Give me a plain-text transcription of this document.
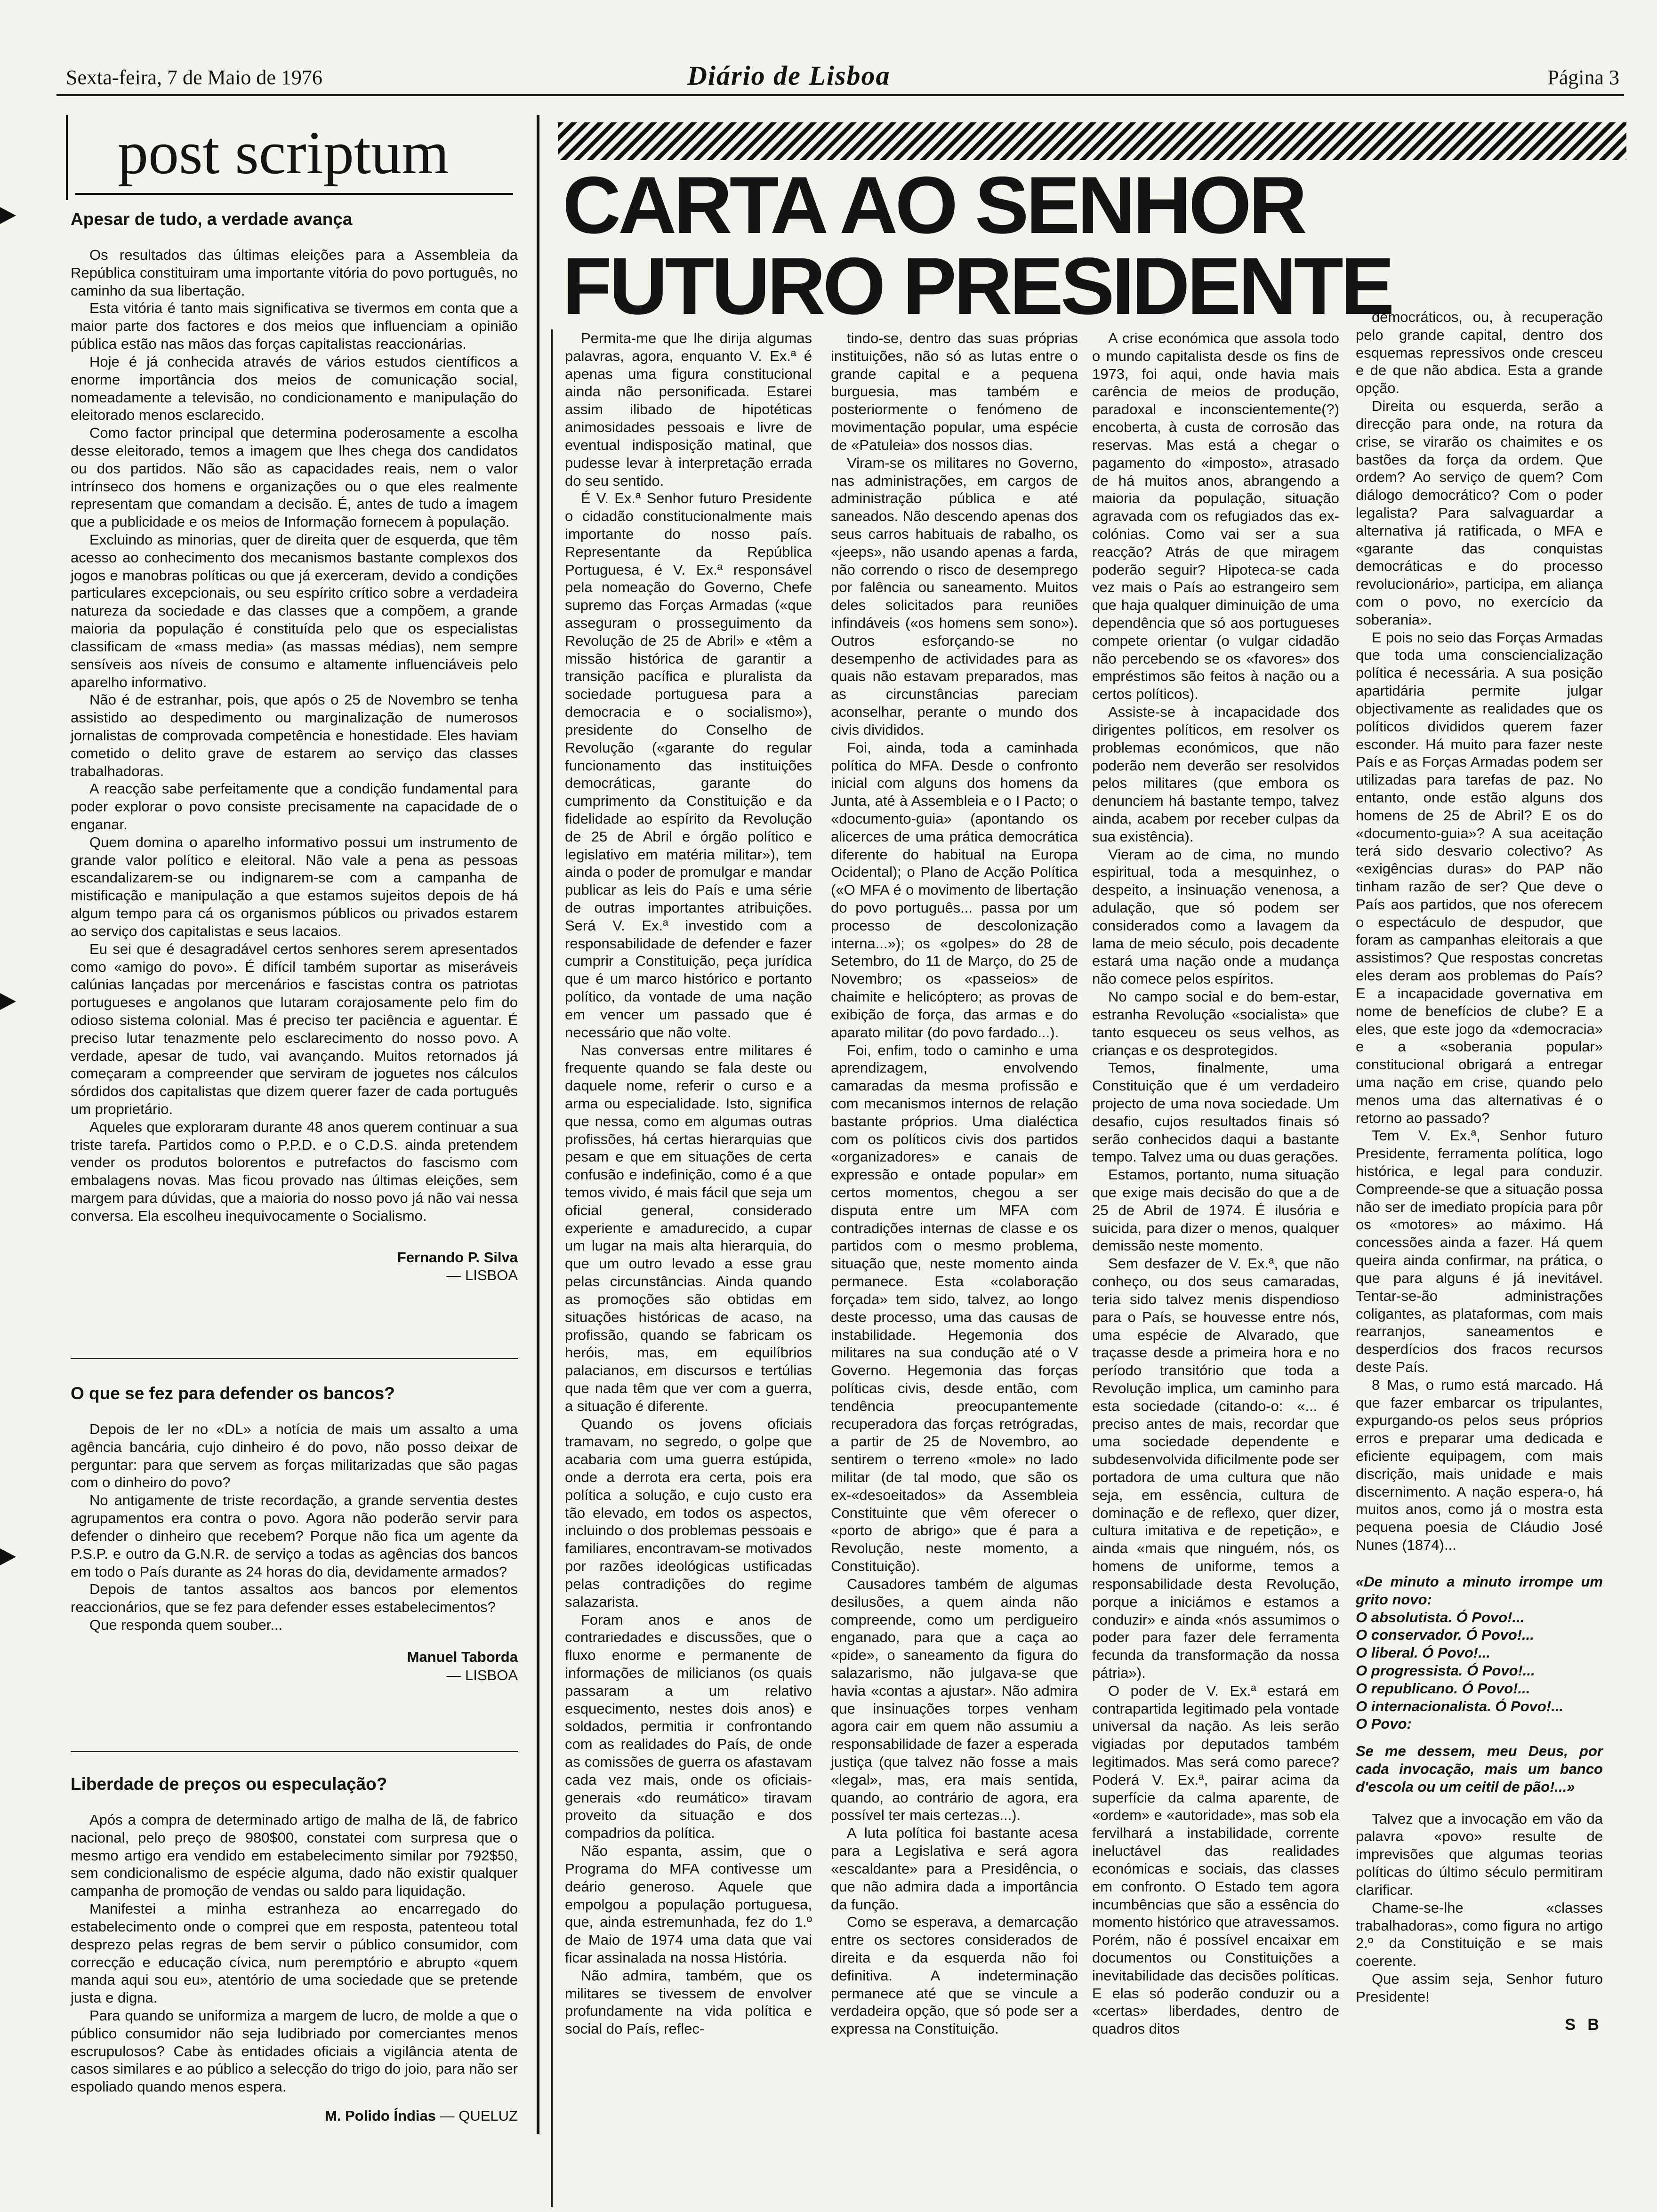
Sexta-feira, 7 de Maio de 1976	Diário de Lisboa	Página 3
post scriptum
Apesar de tudo, a verdade avança

Os resultados das últimas eleições para a Assembleia da República constituiram uma importante vitória do povo português, no caminho da sua libertação.

Esta vitória é tanto mais significativa se tivermos em conta que a maior parte dos factores e dos meios que influenciam a opinião pública estão nas mãos das forças capitalistas reaccionárias.

Hoje é já conhecida através de vários estudos científicos a enorme importância dos meios de comunicação social, nomeadamente a televisão, no condicionamento e manipulação do eleitorado menos esclarecido.

Como factor principal que determina poderosamente a escolha desse eleitorado, temos a imagem que lhes chega dos candidatos ou dos partidos. Não são as capacidades reais, nem o valor intrínseco dos homens e organizações ou o que eles realmente representam que comandam a decisão. É, antes de tudo a imagem que a publicidade e os meios de Informação fornecem à população.

Excluindo as minorias, quer de direita quer de esquerda, que têm acesso ao conhecimento dos mecanismos bastante complexos dos jogos e manobras políticas ou que já exerceram, devido a condições particulares excepcionais, ou seu espírito crítico sobre a verdadeira natureza da sociedade e das classes que a compõem, a grande maioria da população é constituída pelo que os especialistas classificam de «mass media» (as massas médias), nem sempre sensíveis aos níveis de consumo e altamente influenciáveis pelo aparelho informativo.

Não é de estranhar, pois, que após o 25 de Novembro se tenha assistido ao despedimento ou marginalização de numerosos jornalistas de comprovada competência e honestidade. Eles haviam cometido o delito grave de estarem ao serviço das classes trabalhadoras.

A reacção sabe perfeitamente que a condição fundamental para poder explorar o povo consiste precisamente na capacidade de o enganar.

Quem domina o aparelho informativo possui um instrumento de grande valor político e eleitoral. Não vale a pena as pessoas escandalizarem-se ou indignarem-se com a campanha de mistificação e manipulação a que estamos sujeitos depois de há algum tempo para cá os organismos públicos ou privados estarem ao serviço dos capitalistas e seus lacaios.

Eu sei que é desagradável certos senhores serem apresentados como «amigo do povo». É difícil também suportar as miseráveis calúnias lançadas por mercenários e fascistas contra os patriotas portugueses e angolanos que lutaram corajosamente pelo fim do odioso sistema colonial. Mas é preciso ter paciência e aguentar. É preciso lutar tenazmente pelo esclarecimento do nosso povo. A verdade, apesar de tudo, vai avançando. Muitos retornados já começaram a compreender que serviram de joguetes nos cálculos sórdidos dos capitalistas que dizem querer fazer de cada português um proprietário.

Aqueles que exploraram durante 48 anos querem continuar a sua triste tarefa. Partidos como o P.P.D. e o C.D.S. ainda pretendem vender os produtos bolorentos e putrefactos do fascismo com embalagens novas. Mas ficou provado nas últimas eleições, sem margem para dúvidas, que a maioria do nosso povo já não vai nessa conversa. Ela escolheu inequivocamente o Socialismo.

Fernando P. Silva
— LISBOA
O que se fez para defender os bancos?

Depois de ler no «DL» a notícia de mais um assalto a uma agência bancária, cujo dinheiro é do povo, não posso deixar de perguntar: para que servem as forças militarizadas que são pagas com o dinheiro do povo?

No antigamente de triste recordação, a grande serventia destes agrupamentos era contra o povo. Agora não poderão servir para defender o dinheiro que recebem? Porque não fica um agente da P.S.P. e outro da G.N.R. de serviço a todas as agências dos bancos em todo o País durante as 24 horas do dia, devidamente armados?

Depois de tantos assaltos aos bancos por elementos reaccionários, que se fez para defender esses estabelecimentos?

Que responda quem souber...

Manuel Taborda
— LISBOA
Liberdade de preços ou especulação?

Após a compra de determinado artigo de malha de lã, de fabrico nacional, pelo preço de 980$00, constatei com surpresa que o mesmo artigo era vendido em estabelecimento similar por 792$50, sem condicionalismo de espécie alguma, dado não existir qualquer campanha de promoção de vendas ou saldo para liquidação.

Manifestei a minha estranheza ao encarregado do estabelecimento onde o comprei que em resposta, patenteou total desprezo pelas regras de bem servir o público consumidor, com correcção e educação cívica, num peremptório e abrupto «quem manda aqui sou eu», atentório de uma sociedade que se pretende justa e digna.

Para quando se uniformiza a margem de lucro, de molde a que o público consumidor não seja ludibriado por comerciantes menos escrupulosos? Cabe às entidades oficiais a vigilância atenta de casos similares e ao público a selecção do trigo do joio, para não ser espoliado quando menos espera.

M. Polido Índias — QUELUZ
CARTA AO SENHOR
FUTURO PRESIDENTE

Permita-me que lhe dirija algumas palavras, agora, enquanto V. Ex.ª é apenas uma figura constitucional ainda não personificada. Estarei assim ilibado de hipotéticas animosidades pessoais e livre de eventual indisposição matinal, que pudesse levar à interpretação errada do seu sentido.

É V. Ex.ª Senhor futuro Presidente o cidadão constitucionalmente mais importante do nosso país. Representante da República Portuguesa, é V. Ex.ª responsável pela nomeação do Governo, Chefe supremo das Forças Armadas («que asseguram o prosseguimento da Revolução de 25 de Abril» e «têm a missão histórica de garantir a transição pacífica e pluralista da sociedade portuguesa para a democracia e o socialismo»), presidente do Conselho de Revolução («garante do regular funcionamento das instituições democráticas, garante do cumprimento da Constituição e da fidelidade ao espírito da Revolução de 25 de Abril e órgão político e legislativo em matéria militar»), tem ainda o poder de promulgar e mandar publicar as leis do País e uma série de outras importantes atribuições. Será V. Ex.ª investido com a responsabilidade de defender e fazer cumprir a Constituição, peça jurídica que é um marco histórico e portanto político, da vontade de uma nação em vencer um passado que é necessário que não volte.

Nas conversas entre militares é frequente quando se fala deste ou daquele nome, referir o curso e a arma ou especialidade. Isto, significa que nessa, como em algumas outras profissões, há certas hierarquias que pesam e que em situações de certa confusão e indefinição, como é a que temos vivido, é mais fácil que seja um oficial general, considerado experiente e amadurecido, a cupar um lugar na mais alta hierarquia, do que um outro levado a esse grau pelas circunstâncias. Ainda quando as promoções são obtidas em situações históricas de acaso, na profissão, quando se fabricam os heróis, mas, em equilíbrios palacianos, em discursos e tertúlias que nada têm que ver com a guerra, a situação é diferente.

Quando os jovens oficiais tramavam, no segredo, o golpe que acabaria com uma guerra estúpida, onde a derrota era certa, pois era política a solução, e cujo custo era tão elevado, em todos os aspectos, incluindo o dos problemas pessoais e familiares, encontravam-se motivados por razões ideológicas ustificadas pelas contradições do regime salazarista.

Foram anos e anos de contrariedades e discussões, que o fluxo enorme e permanente de informações de milicianos (os quais passaram a um relativo esquecimento, nestes dois anos) e soldados, permitia ir confrontando com as realidades do País, de onde as comissões de guerra os afastavam cada vez mais, onde os oficiais-generais «do reumático» tiravam proveito da situação e dos compadrios da política.

Não espanta, assim, que o Programa do MFA contivesse um deário generoso. Aquele que empolgou a população portuguesa, que, ainda estremunhada, fez do 1.º de Maio de 1974 uma data que vai ficar assinalada na nossa História.

Não admira, também, que os militares se tivessem de envolver profundamente na vida política e social do País, reflec-

tindo-se, dentro das suas próprias instituições, não só as lutas entre o grande capital e a pequena burguesia, mas também e posteriormente o fenómeno de movimentação popular, uma espécie de «Patuleia» dos nossos dias.

Viram-se os militares no Governo, nas administrações, em cargos de administração pública e até saneados. Não descendo apenas dos seus carros habituais de rabalho, os «jeeps», não usando apenas a farda, não correndo o risco de desemprego por falência ou saneamento. Muitos deles solicitados para reuniões infindáveis («os homens sem sono»). Outros esforçando-se no desempenho de actividades para as quais não estavam preparados, mas as circunstâncias pareciam aconselhar, perante o mundo dos civis divididos.

Foi, ainda, toda a caminhada política do MFA. Desde o confronto inicial com alguns dos homens da Junta, até à Assembleia e o I Pacto; o «documento-guia» (apontando os alicerces de uma prática democrática diferente do habitual na Europa Ocidental); o Plano de Acção Política («O MFA é o movimento de libertação do povo português... passa por um processo de descolonização interna...»); os «golpes» do 28 de Setembro, do 11 de Março, do 25 de Novembro; os «passeios» de chaimite e helicóptero; as provas de exibição de força, das armas e do aparato militar (do povo fardado...).

Foi, enfim, todo o caminho e uma aprendizagem, envolvendo camaradas da mesma profissão e com mecanismos internos de relação bastante próprios. Uma dialéctica com os políticos civis dos partidos «organizadores» e canais de expressão e ontade popular» em certos momentos, chegou a ser disputa entre um MFA com contradições internas de classe e os partidos com o mesmo problema, situação que, neste momento ainda permanece. Esta «colaboração forçada» tem sido, talvez, ao longo deste processo, uma das causas de instabilidade. Hegemonia dos militares na sua condução até o V Governo. Hegemonia das forças políticas civis, desde então, com tendência preocupantemente recuperadora das forças retrógradas, a partir de 25 de Novembro, ao sentirem o terreno «mole» no lado militar (de tal modo, que são os ex-«desoeitados» da Assembleia Constituinte que vêm oferecer o «porto de abrigo» que é para a Revolução, neste momento, a Constituição).

Causadores também de algumas desilusões, a quem ainda não compreende, como um perdigueiro enganado, para que a caça ao «pide», o saneamento da figura do salazarismo, não julgava-se que havia «contas a ajustar». Não admira que insinuações torpes venham agora cair em quem não assumiu a responsabilidade de fazer a esperada justiça (que talvez não fosse a mais «legal», mas, era mais sentida, quando, ao contrário de agora, era possível ter mais certezas...).

A luta política foi bastante acesa para a Legislativa e será agora «escaldante» para a Presidência, o que não admira dada a importância da função.

Como se esperava, a demarcação entre os sectores considerados de direita e da esquerda não foi definitiva. A indeterminação permanece até que se vincule a verdadeira opção, que só pode ser a expressa na Constituição.

A crise económica que assola todo o mundo capitalista desde os fins de 1973, foi aqui, onde havia mais carência de meios de produção, paradoxal e inconscientemente(?) encoberta, à custa de corrosão das reservas. Mas está a chegar o pagamento do «imposto», atrasado de há muitos anos, abrangendo a maioria da população, situação agravada com os refugiados das ex-colónias. Como vai ser a sua reacção? Atrás de que miragem poderão seguir? Hipoteca-se cada vez mais o País ao estrangeiro sem que haja qualquer diminuição de uma dependência que só aos portugueses compete orientar (o vulgar cidadão não percebendo se os «favores» dos empréstimos são feitos à nação ou a certos políticos).

Assiste-se à incapacidade dos dirigentes políticos, em resolver os problemas económicos, que não poderão nem deverão ser resolvidos pelos militares (que embora os denunciem há bastante tempo, talvez ainda, acabem por receber culpas da sua existência).

Vieram ao de cima, no mundo espiritual, toda a mesquinhez, o despeito, a insinuação venenosa, a adulação, que só podem ser considerados como a lavagem da lama de meio século, pois decadente estará uma nação onde a mudança não comece pelos espíritos.

No campo social e do bem-estar, estranha Revolução «socialista» que tanto esqueceu os seus velhos, as crianças e os desprotegidos.

Temos, finalmente, uma Constituição que é um verdadeiro projecto de uma nova sociedade. Um desafio, cujos resultados finais só serão conhecidos daqui a bastante tempo. Talvez uma ou duas gerações.

Estamos, portanto, numa situação que exige mais decisão do que a de 25 de Abril de 1974. É ilusória e suicida, para dizer o menos, qualquer demissão neste momento.

Sem desfazer de V. Ex.ª, que não conheço, ou dos seus camaradas, teria sido talvez menis dispendioso para o País, se houvesse entre nós, uma espécie de Alvarado, que traçasse desde a primeira hora e no período transitório que toda a Revolução implica, um caminho para esta sociedade (citando-o: «... é preciso antes de mais, recordar que uma sociedade dependente e subdesenvolvida dificilmente pode ser portadora de uma cultura que não seja, em essência, cultura de dominação e de reflexo, quer dizer, cultura imitativa e de repetição», e ainda «mais que ninguém, nós, os homens de uniforme, temos a responsabilidade desta Revolução, porque a iniciámos e estamos a conduzir» e ainda «nós assumimos o poder para fazer dele ferramenta fecunda da transformação da nossa pátria»).

O poder de V. Ex.ª estará em contrapartida legitimado pela vontade universal da nação. As leis serão vigiadas por deputados também legitimados. Mas será como parece? Poderá V. Ex.ª, pairar acima da superfície da calma aparente, de «ordem» e «autoridade», mas sob ela fervilhará a instabilidade, corrente ineluctável das realidades económicas e sociais, das classes em confronto. O Estado tem agora incumbências que são a essência do momento histórico que atravessamos. Porém, não é possível encaixar em documentos ou Constituições a inevitabilidade das decisões políticas. E elas só poderão conduzir ou a «certas» liberdades, dentro de quadros ditos

democráticos, ou, à recuperação pelo grande capital, dentro dos esquemas repressivos onde cresceu e de que não abdica. Esta a grande opção.

Direita ou esquerda, serão a direcção para onde, na rotura da crise, se virarão os chaimites e os bastões da força da ordem. Que ordem? Ao serviço de quem? Com diálogo democrático? Com o poder legalista? Para salvaguardar a alternativa já ratificada, o MFA e «garante das conquistas democráticas e do processo revolucionário», participa, em aliança com o povo, no exercício da soberania».

E pois no seio das Forças Armadas que toda uma consciencialização política é necessária. A sua posição apartidária permite julgar objectivamente as realidades que os políticos divididos querem fazer esconder. Há muito para fazer neste País e as Forças Armadas podem ser utilizadas para tarefas de paz. No entanto, onde estão alguns dos homens de 25 de Abril? E os do «documento-guia»? A sua aceitação terá sido desvario colectivo? As «exigências duras» do PAP não tinham razão de ser? Que deve o País aos partidos, que nos oferecem o espectáculo de despudor, que foram as campanhas eleitorais a que assistimos? Que respostas concretas eles deram aos problemas do País? E a incapacidade governativa em nome de benefícios de clube? E a eles, que este jogo da «democracia» e a «soberania popular» constitucional obrigará a entregar uma nação em crise, quando pelo menos uma das alternativas é o retorno ao passado?

Tem V. Ex.ª, Senhor futuro Presidente, ferramenta política, logo histórica, e legal para conduzir. Compreende-se que a situação possa não ser de imediato propícia para pôr os «motores» ao máximo. Há concessões ainda a fazer. Há quem queira ainda confirmar, na prática, o que para alguns é já inevitável. Tentar-se-ão administrações coligantes, as plataformas, com mais rearranjos, saneamentos e desperdícios dos fracos recursos deste País.

8 Mas, o rumo está marcado. Há que fazer embarcar os tripulantes, expurgando-os pelos seus próprios erros e preparar uma dedicada e eficiente equipagem, com mais discrição, mais unidade e mais discernimento. A nação espera-o, há muitos anos, como já o mostra esta pequena poesia de Cláudio José Nunes (1874)...

«De minuto a minuto irrompe um grito novo:
O absolutista. Ó Povo!...
O conservador. Ó Povo!...
O liberal. Ó Povo!...
O progressista. Ó Povo!...
O republicano. Ó Povo!...
O internacionalista. Ó Povo!...
O Povo:
Se me dessem, meu Deus, por cada invocação, mais um banco d'escola ou um ceitil de pão!...»

Talvez que a invocação em vão da palavra «povo» resulte de imprevisões que algumas teorias políticas do último século permitiram clarificar.

Chame-se-lhe «classes trabalhadoras», como figura no artigo 2.º da Constituição e se mais coerente.

Que assim seja, Senhor futuro Presidente!

S B
